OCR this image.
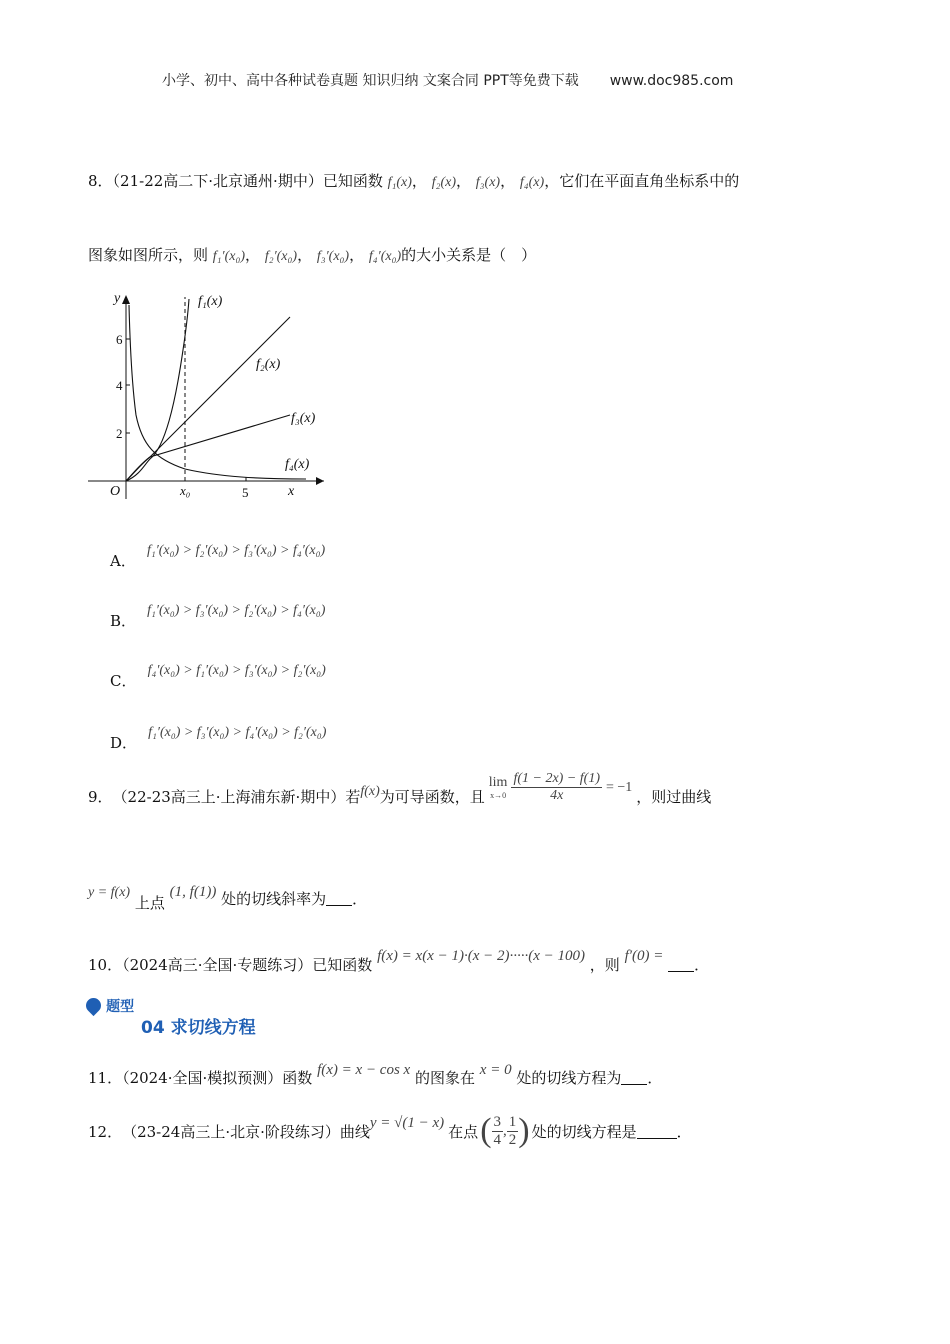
小学、初中、高中各种试卷真题 知识归纳 文案合同 PPT等免费下载 www.doc985.com
8．（21-22高二下·北京通州·期中）已知函数 f₁(x)， f₂(x)， f₃(x)， f₄(x)，它们在平面直角坐标系中的
图象如图所示，则 f₁′(x₀)， f₂′(x₀)， f₃′(x₀)， f₄′(x₀)的大小关系是（　）
y
x
O
2
4
6
5
x₀
f₁(x)
f₂(x)
f₃(x)
f₄(x)
A． f₁′(x₀) > f₂′(x₀) > f₃′(x₀) > f₄′(x₀)
B． f₁′(x₀) > f₃′(x₀) > f₂′(x₀) > f₄′(x₀)
C． f₄′(x₀) > f₁′(x₀) > f₃′(x₀) > f₂′(x₀)
D． f₁′(x₀) > f₃′(x₀) > f₄′(x₀) > f₂′(x₀)
9． （22-23高三上·上海浦东新·期中）若 f(x) 为可导函数，且
lim
$x\to 0 \frac{f(1 - 2x) - f(1)}{4x} = -1$
，则过曲线
y = f(x) 上点 (1, f(1)) 处的切线斜率为 ．
10．（2024高三·全国·专题练习）已知函数 f(x) = x(x − 1)·(x − 2)·····(x − 100) ，则 f′(0) = ．
题型
04 求切线方程
11．（2024·全国·模拟预测）函数 f(x) = x − cos x 的图象在 x = 0 处的切线方程为 ．
12． （23-24高三上·北京·阶段练习）曲线 y = √(1 − x) 在点 ( $\frac{3}{4}$ , $\frac{1}{2}$ ) 处的切线方程是	．
